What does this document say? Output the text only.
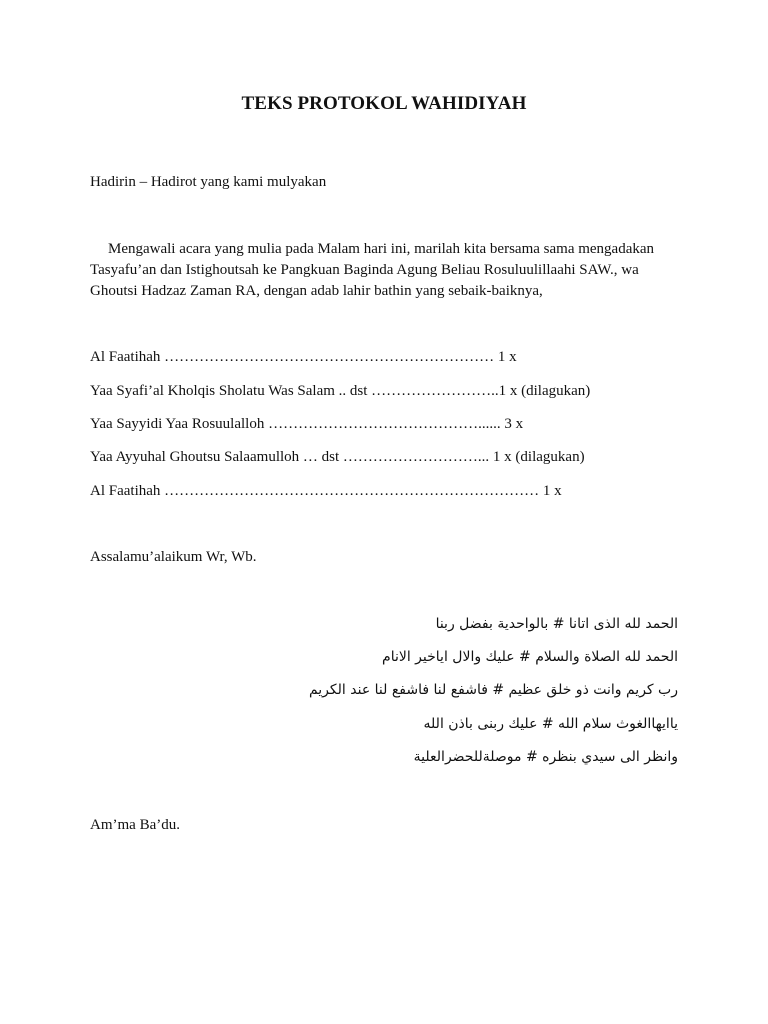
TEKS PROTOKOL WAHIDIYAH
Hadirin – Hadirot yang kami mulyakan
Mengawali acara yang mulia pada Malam hari ini, marilah kita bersama sama mengadakan
Tasyafu’an dan Istighoutsah ke Pangkuan Baginda Agung Beliau Rosuluulillaahi SAW., wa
Ghoutsi Hadzaz Zaman RA, dengan adab lahir bathin yang sebaik-baiknya,
Al Faatihah ………………………………………………………… 1 x
Yaa Syafi’al Kholqis Sholatu Was Salam .. dst ……………………..1 x (dilagukan)
Yaa Sayyidi Yaa Rosuulalloh ……………………………………...... 3 x
Yaa Ayyuhal Ghoutsu Salaamulloh … dst ………………………... 1 x (dilagukan)
Al Faatihah ………………………………………………………………… 1 x
Assalamu’alaikum Wr, Wb.
الحمد لله الذى اتانا # بالواحدية بفضل ربنا
الحمد لله الصلاة والسلام # عليك والال اياخير الانام
رب كريم وانت ذو خلق عظيم # فاشفع لنا فاشفع لنا عند الكريم
ياايهاالغوث سلام الله # عليك ربنى باذن الله
وانظر الى سيدي بنظره # موصلةللحضرالعلية
Am’ma Ba’du.
